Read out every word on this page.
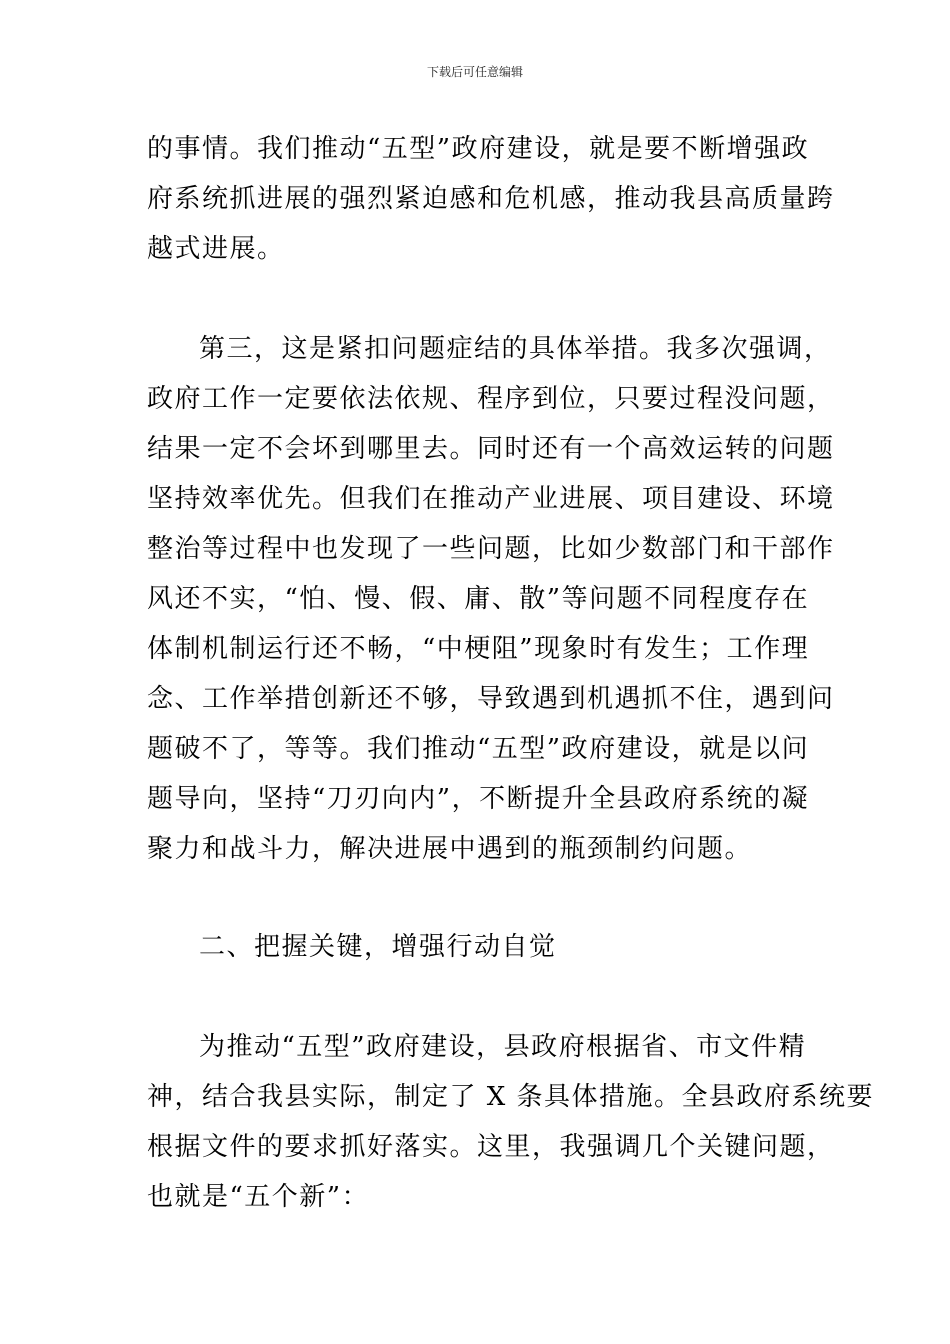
下载后可任意编辑
的事情。我们推动“五型”政府建设，就是要不断增强政
府系统抓进展的强烈紧迫感和危机感，推动我县高质量跨
越式进展。
第三，这是紧扣问题症结的具体举措。我多次强调，
政府工作一定要依法依规、程序到位，只要过程没问题，
结果一定不会坏到哪里去。同时还有一个高效运转的问题
坚持效率优先。但我们在推动产业进展、项目建设、环境
整治等过程中也发现了一些问题，比如少数部门和干部作
风还不实，“怕、慢、假、庸、散”等问题不同程度存在
体制机制运行还不畅，“中梗阻”现象时有发生；工作理
念、工作举措创新还不够，导致遇到机遇抓不住，遇到问
题破不了，等等。我们推动“五型”政府建设，就是以问
题导向，坚持“刀刃向内”，不断提升全县政府系统的凝
聚力和战斗力，解决进展中遇到的瓶颈制约问题。
二、把握关键，增强行动自觉
为推动“五型”政府建设，县政府根据省、市文件精
神，结合我县实际，制定了 X 条具体措施。全县政府系统要
根据文件的要求抓好落实。这里，我强调几个关键问题，
也就是“五个新”：
